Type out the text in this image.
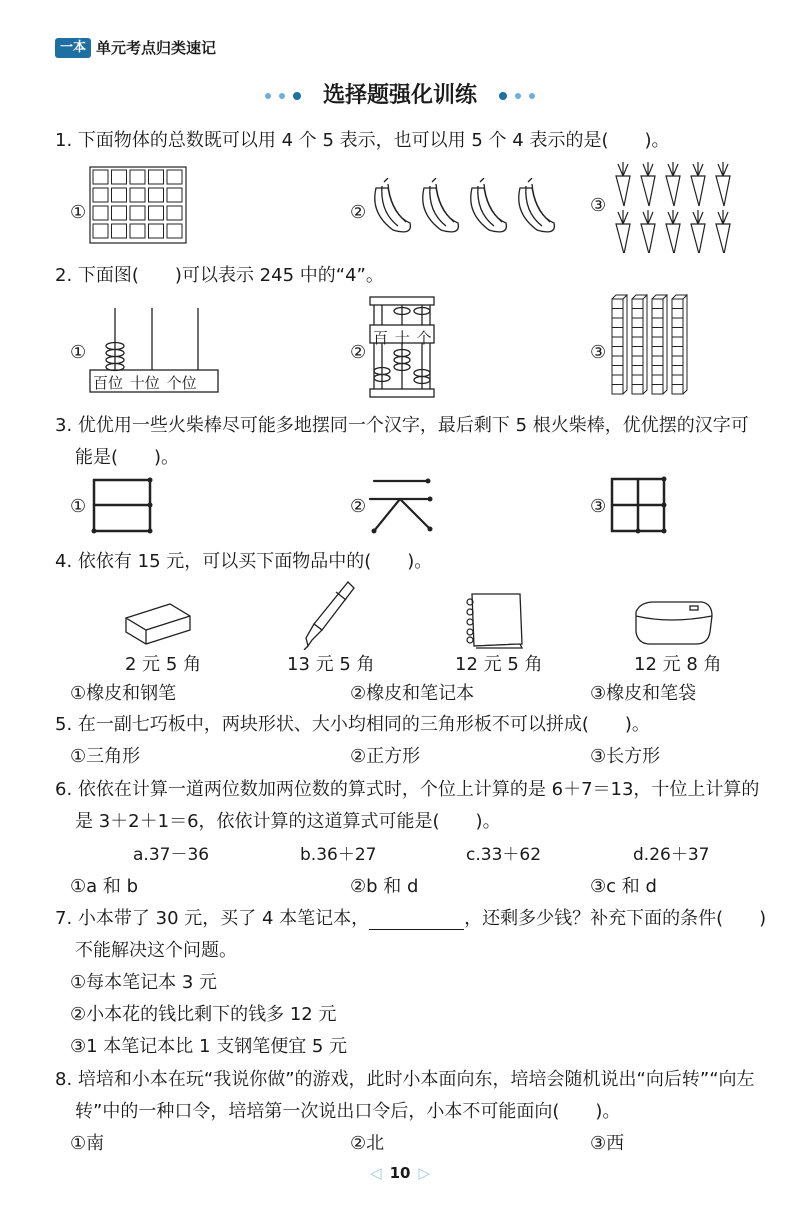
一本 单元考点归类速记
选择题强化训练
1. 下面物体的总数既可以用 4 个 5 表示，也可以用 5 个 4 表示的是(　　)。
①	②	③
2. 下面图(　　)可以表示 245 中的“4”。
①
百位 十位 个位
②
百 十 个
③
3. 优优用一些火柴棒尽可能多地摆同一个汉字，最后剩下 5 根火柴棒，优优摆的汉字可
能是(　　)。
①	②	③
4. 依依有 15 元，可以买下面物品中的(　　)。
2 元 5 角	13 元 5 角	12 元 5 角	12 元 8 角
①橡皮和钢笔	②橡皮和笔记本	③橡皮和笔袋
5. 在一副七巧板中，两块形状、大小均相同的三角形板不可以拼成(　　)。
①三角形	②正方形	③长方形
6. 依依在计算一道两位数加两位数的算式时，个位上计算的是 6＋7＝13，十位上计算的
是 3＋2＋1＝6，依依计算的这道算式可能是(　　)。
a.37－36	b.36＋27	c.33＋62	d.26＋37
①a 和 b	②b 和 d	③c 和 d
7. 小本带了 30 元，买了 4 本笔记本，	，还剩多少钱？补充下面的条件(　　)
不能解决这个问题。
①每本笔记本 3 元
②小本花的钱比剩下的钱多 12 元
③1 本笔记本比 1 支钢笔便宜 5 元
8. 培培和小本在玩“我说你做”的游戏，此时小本面向东，培培会随机说出“向后转”“向左
转”中的一种口令，培培第一次说出口令后，小本不可能面向(　　)。
①南	②北	③西
◁ 10 ▷
